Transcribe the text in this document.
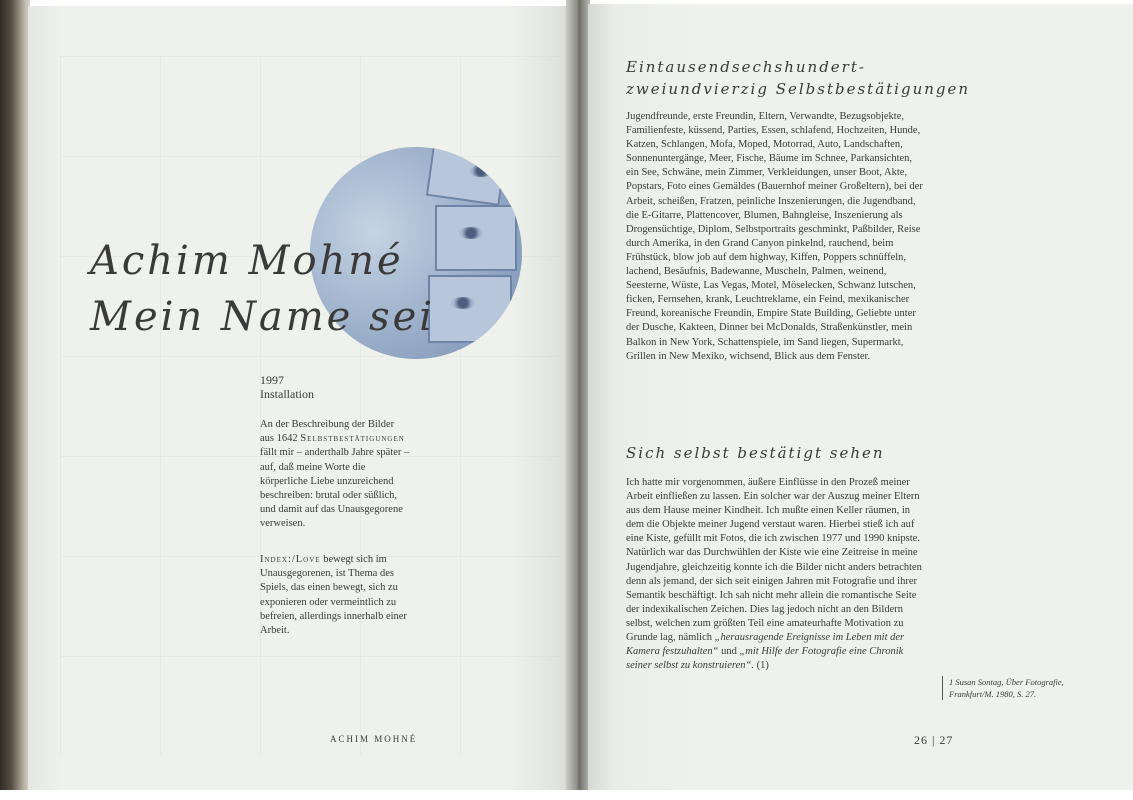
Achim Mohné
Mein Name sei
1997
Installation
An der Beschreibung der Bilder aus 1642 Selbstbestätigungen fällt mir – anderthalb Jahre später – auf, daß meine Worte die körperliche Liebe unzureichend beschreiben: brutal oder süßlich, und damit auf das Unausgegorene verweisen.
Index:/Love bewegt sich im Unausgegorenen, ist Thema des Spiels, das einen bewegt, sich zu exponieren oder vermeintlich zu befreien, allerdings innerhalb einer Arbeit.
ACHIM MOHNÉ
Eintausendsechshundert-
zweiundvierzig Selbstbestätigungen
Jugendfreunde, erste Freundin, Eltern, Verwandte, Bezugsobjekte, Familienfeste, küssend, Parties, Essen, schlafend, Hochzeiten, Hunde, Katzen, Schlangen, Mofa, Moped, Motorrad, Auto, Landschaften, Sonnenuntergänge, Meer, Fische, Bäume im Schnee, Parkansichten, ein See, Schwäne, mein Zimmer, Verkleidungen, unser Boot, Akte, Popstars, Foto eines Gemäldes (Bauernhof meiner Großeltern), bei der Arbeit, scheißen, Fratzen, peinliche Inszenierungen, die Jugendband, die E-Gitarre, Plattencover, Blumen, Bahngleise, Inszenierung als Drogensüchtige, Diplom, Selbstportraits geschminkt, Paßbilder, Reise durch Amerika, in den Grand Canyon pinkelnd, rauchend, beim Frühstück, blow job auf dem highway, Kiffen, Poppers schnüffeln, lachend, Besäufnis, Badewanne, Muscheln, Palmen, weinend, Seesterne, Wüste, Las Vegas, Motel, Möselecken, Schwanz lutschen, ficken, Fernsehen, krank, Leuchtreklame, ein Feind, mexikanischer Freund, koreanische Freundin, Empire State Building, Geliebte unter der Dusche, Kakteen, Dinner bei McDonalds, Straßenkünstler, mein Balkon in New York, Schattenspiele, im Sand liegen, Supermarkt, Grillen in New Mexiko, wichsend, Blick aus dem Fenster.
Sich selbst bestätigt sehen
Ich hatte mir vorgenommen, äußere Einflüsse in den Prozeß meiner Arbeit einfließen zu lassen. Ein solcher war der Auszug meiner Eltern aus dem Hause meiner Kindheit. Ich mußte einen Keller räumen, in dem die Objekte meiner Jugend verstaut waren. Hierbei stieß ich auf eine Kiste, gefüllt mit Fotos, die ich zwischen 1977 und 1990 knipste. Natürlich war das Durchwühlen der Kiste wie eine Zeitreise in meine Jugendjahre, gleichzeitig konnte ich die Bilder nicht anders betrachten denn als jemand, der sich seit einigen Jahren mit Fotografie und ihrer Semantik beschäftigt. Ich sah nicht mehr allein die romantische Seite der indexikalischen Zeichen. Dies lag jedoch nicht an den Bildern selbst, welchen zum größten Teil eine amateurhafte Motivation zu Grunde lag, nämlich „herausragende Ereignisse im Leben mit der Kamera festzuhalten“ und „mit Hilfe der Fotografie eine Chronik seiner selbst zu konstruieren“. (1)
1 Susan Sontag, Über Fotografie, Frankfurt/M. 1980, S. 27.
26 | 27
